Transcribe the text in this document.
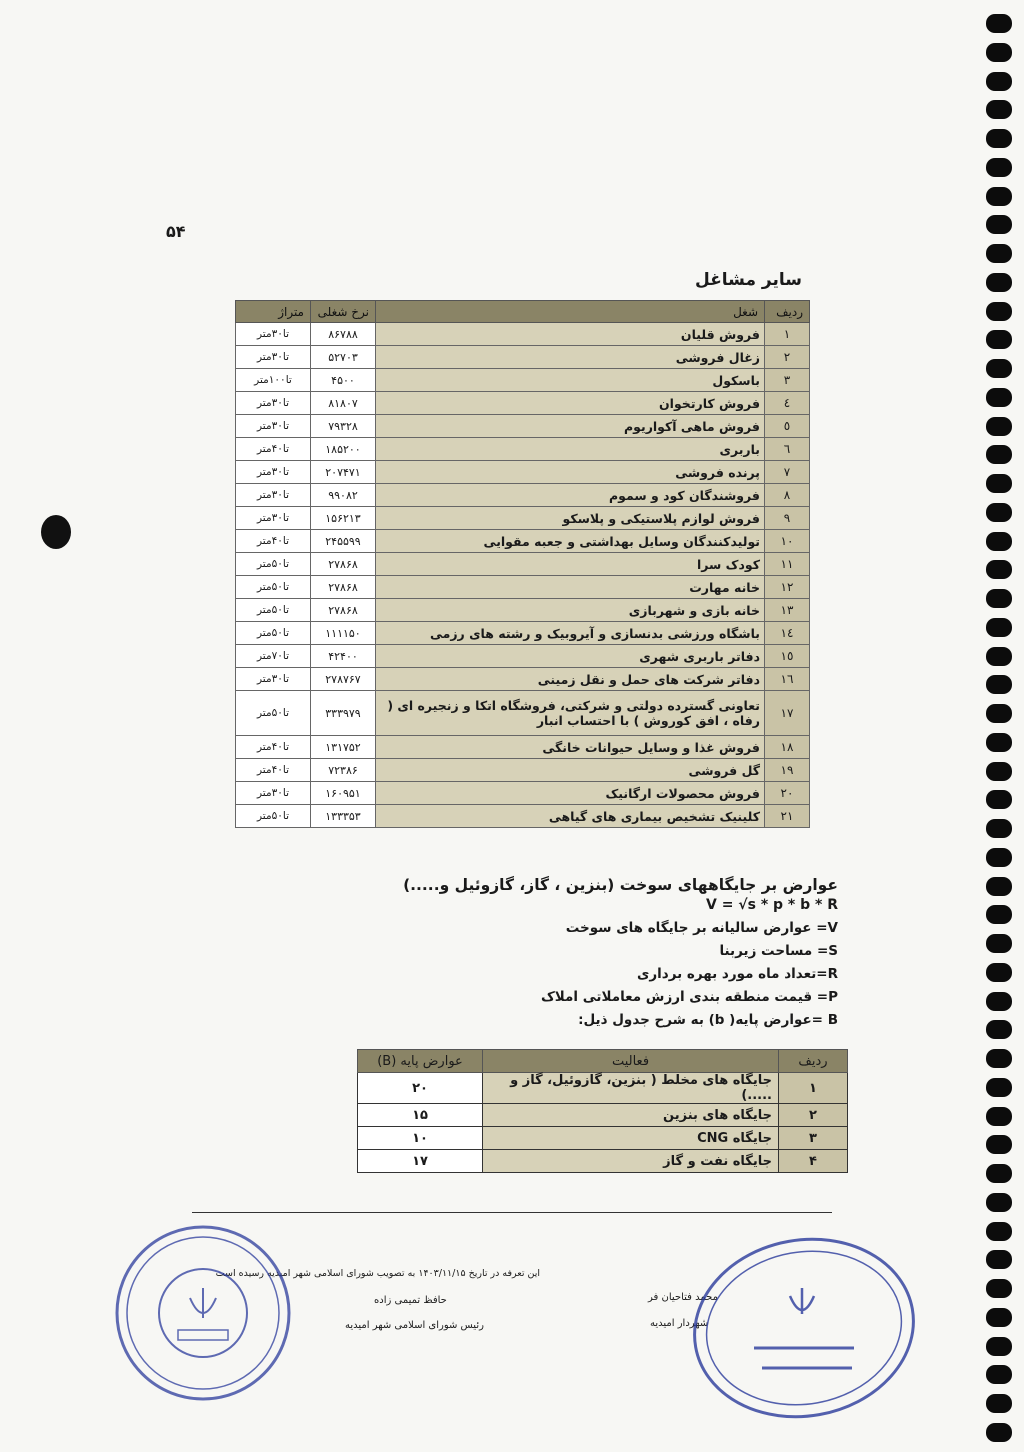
۵۴
سایر مشاغل
ردیف	شغل	نرخ شغلی	متراژ
۱	فروش قلیان	۸۶۷۸۸	تا۳۰متر
۲	زغال فروشی	۵۲۷۰۳	تا۳۰متر
۳	باسکول	۴۵۰۰	تا۱۰۰متر
٤	فروش کارتخوان	۸۱۸۰۷	تا۳۰متر
٥	فروش ماهی آکواریوم	۷۹۳۲۸	تا۳۰متر
٦	باربری	۱۸۵۲۰۰	تا۴۰متر
۷	پرنده فروشی	۲۰۷۴۷۱	تا۳۰متر
۸	فروشندگان کود و سموم	۹۹۰۸۲	تا۳۰متر
۹	فروش لوازم پلاستیکی و پلاسکو	۱۵۶۲۱۳	تا۳۰متر
۱۰	تولیدکنندگان وسایل بهداشتی و جعبه مقوایی	۲۴۵۵۹۹	تا۴۰متر
۱۱	کودک سرا	۲۷۸۶۸	تا۵۰متر
۱۲	خانه مهارت	۲۷۸۶۸	تا۵۰متر
۱۳	خانه بازی و شهربازی	۲۷۸۶۸	تا۵۰متر
١٤	باشگاه ورزشی بدنسازی و آیروبیک و رشته های رزمی	۱۱۱۱۵۰	تا۵۰متر
١٥	دفاتر باربری شهری	۴۲۴۰۰	تا۷۰متر
١٦	دفاتر شرکت های حمل و نقل زمینی	۲۷۸۷۶۷	تا۳۰متر
١٧	تعاونی گسترده دولتی و شرکتی، فروشگاه اتکا و زنجیره ای ( رفاه ، افق کوروش ) با احتساب انبار	۳۳۳۹۷۹	تا۵۰متر
۱۸	فروش غذا و وسایل حیوانات خانگی	۱۳۱۷۵۲	تا۴۰متر
۱۹	گل فروشی	۷۲۳۸۶	تا۴۰متر
۲۰	فروش محصولات ارگانیک	۱۶۰۹۵۱	تا۳۰متر
۲۱	کلینیک تشخیص بیماری های گیاهی	۱۳۳۳۵۳	تا۵۰متر
عوارض بر جایگاههای سوخت (بنزین ، گاز، گازوئیل و.....)
V = √s * p * b * R
V= عوارض سالیانه بر جایگاه های سوخت
S= مساحت زیربنا
R=تعداد ماه مورد بهره برداری
P= قیمت منطقه بندی ارزش معاملاتی املاک
B =عوارض پایه( b) به شرح جدول ذیل:
ردیف	فعالیت	عوارض پایه (B)
۱	جایگاه های مخلط ( بنزین، گازوئیل، گاز و .....)	۲۰
۲	جایگاه های بنزین	۱۵
۳	جایگاه CNG	۱۰
۴	جایگاه نفت و گاز	۱۷
این تعرفه در تاریخ ۱۴۰۳/۱۱/۱۵ به تصویب شورای اسلامی شهر امیدیه رسیده است
حافظ تمیمی زاده
رئیس شورای اسلامی شهر امیدیه
محمد فتاحیان فر
شهردار امیدیه
